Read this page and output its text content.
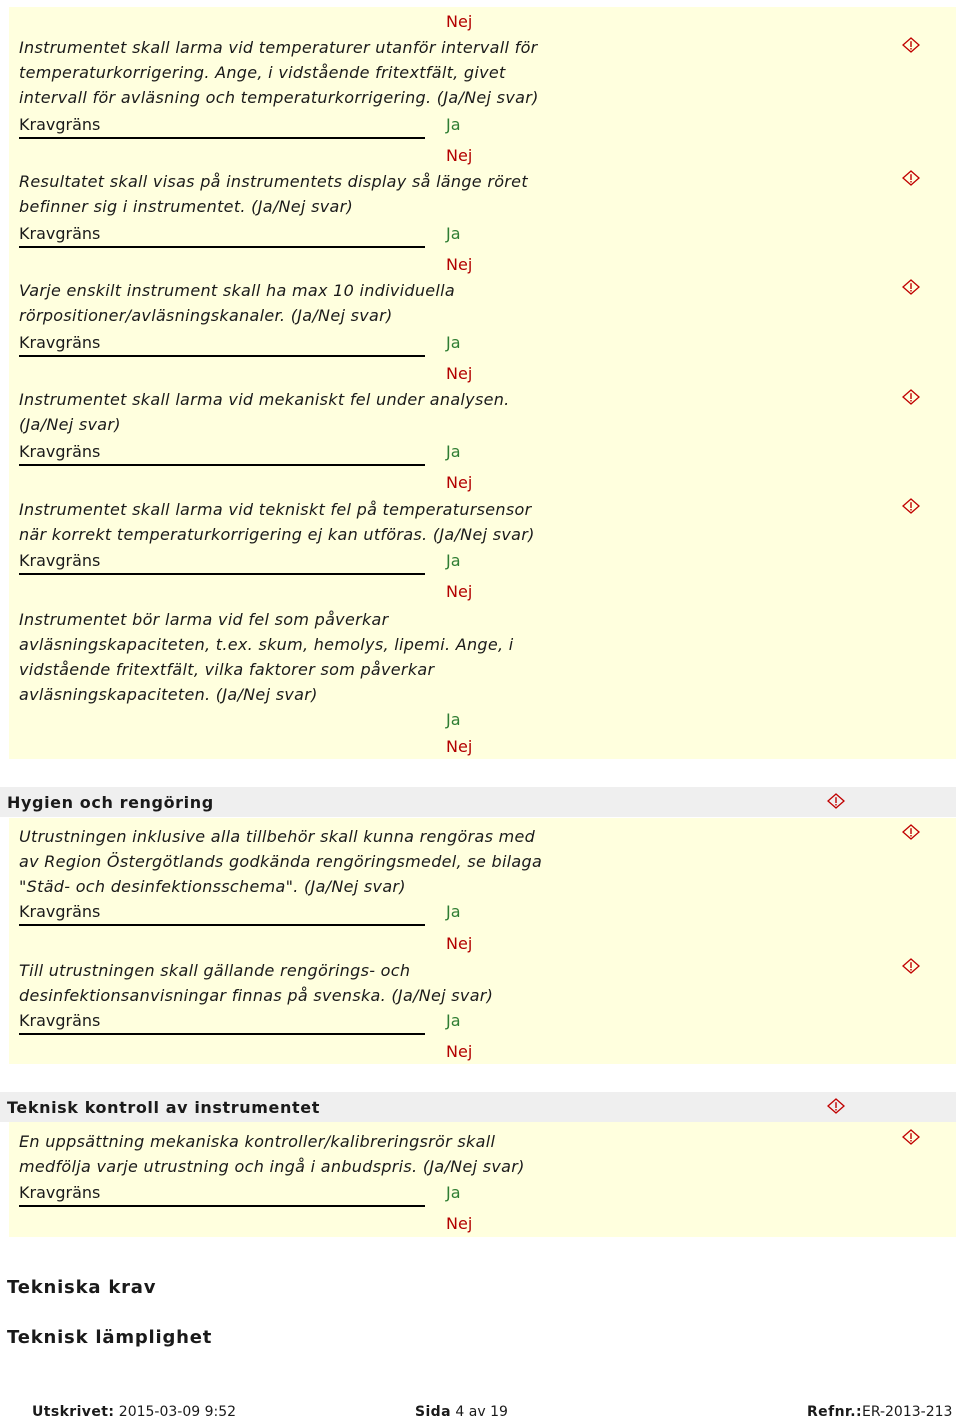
Nej
Instrumentet skall larma vid temperaturer utanför intervall för temperaturkorrigering. Ange, i vidstående fritextfält, givet intervall för avläsning och temperaturkorrigering. (Ja/Nej svar)
Kravgräns	Ja
Nej
Resultatet skall visas på instrumentets display så länge röret befinner sig i instrumentet. (Ja/Nej svar)
Kravgräns	Ja
Nej
Varje enskilt instrument skall ha max 10 individuella rörpositioner/avläsningskanaler. (Ja/Nej svar)
Kravgräns	Ja
Nej
Instrumentet skall larma vid mekaniskt fel under analysen. (Ja/Nej svar)
Kravgräns	Ja
Nej
Instrumentet skall larma vid tekniskt fel på temperatursensor när korrekt temperaturkorrigering ej kan utföras. (Ja/Nej svar)
Kravgräns	Ja
Nej
Instrumentet bör larma vid fel som påverkar avläsningskapaciteten, t.ex. skum, hemolys, lipemi. Ange, i vidstående fritextfält, vilka faktorer som påverkar avläsningskapaciteten. (Ja/Nej svar)
Ja
Nej
Hygien och rengöring
Utrustningen inklusive alla tillbehör skall kunna rengöras med av Region Östergötlands godkända rengöringsmedel, se bilaga "Städ- och desinfektionsschema". (Ja/Nej svar)
Kravgräns	Ja
Nej
Till utrustningen skall gällande rengörings- och desinfektionsanvisningar finnas på svenska. (Ja/Nej svar)
Kravgräns	Ja
Nej
Teknisk kontroll av instrumentet
En uppsättning mekaniska kontroller/kalibreringsrör skall medfölja varje utrustning och ingå i anbudspris. (Ja/Nej svar)
Kravgräns	Ja
Nej
Tekniska krav
Teknisk lämplighet
Utskrivet: 2015-03-09 9:52	Sida 4 av 19	Refnr.:ER-2013-213
